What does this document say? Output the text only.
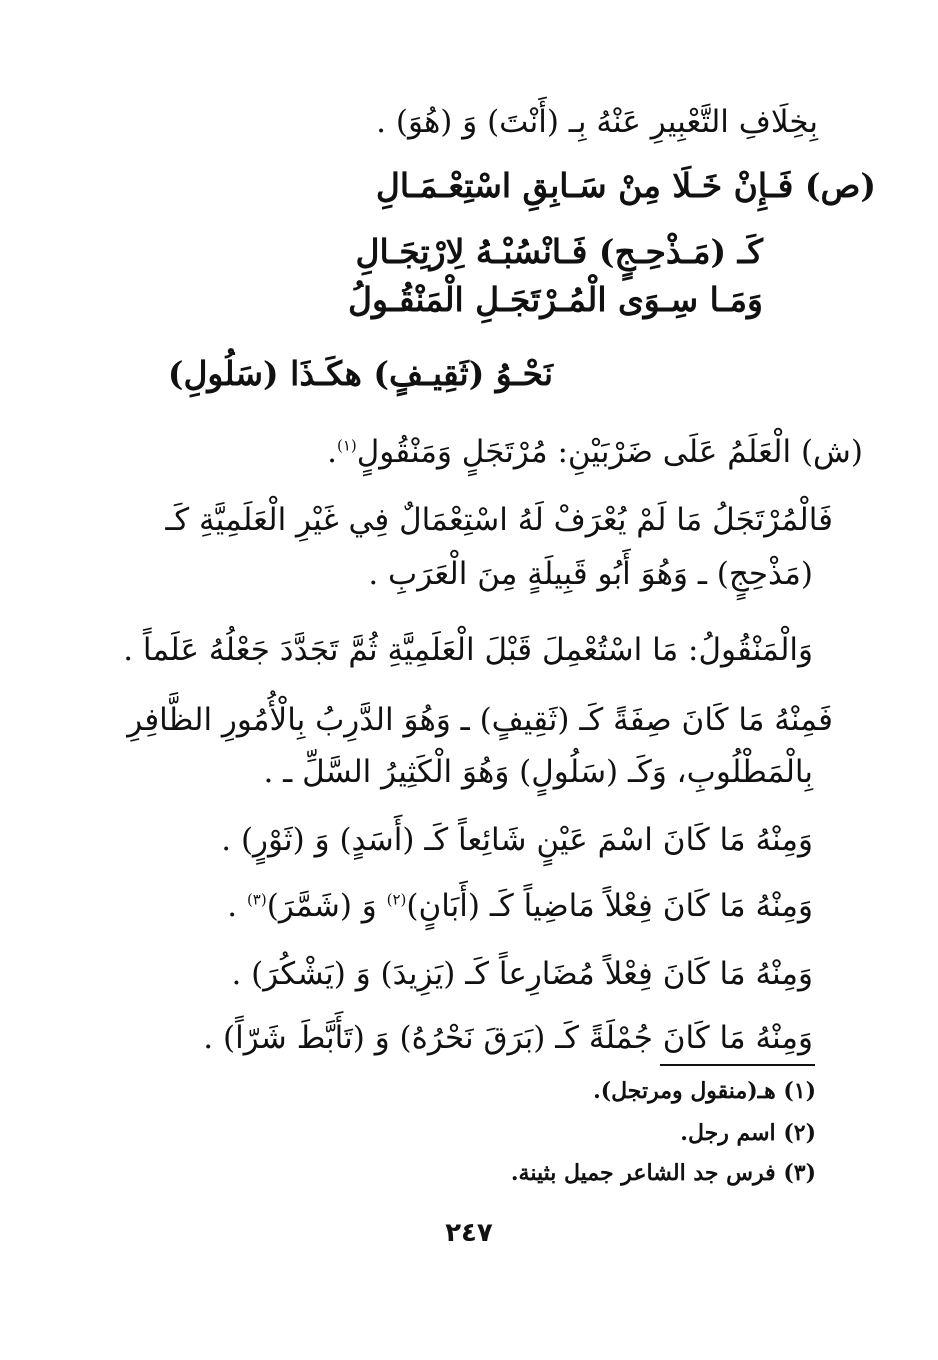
بِخِلَافِ التَّعْبِيرِ عَنْهُ بِـ (أَنْتَ) وَ (هُوَ) .
(ص) فَـإِنْ خَـلَا مِنْ سَـابِقِ اسْتِعْـمَـالِ
كَـ (مَـذْحِـجٍ) فَـانْسُبْـهُ لِارْتِجَـالِ
وَمَـا سِـوَى الْمُـرْتَجَـلِ الْمَنْقُـولُ
نَحْـوُ (ثَقِيـفٍ) هكَـذَا (سَلُولِ)
(ش) الْعَلَمُ عَلَى ضَرْبَيْنِ: مُرْتَجَلٍ وَمَنْقُولٍ$^{(١)}$.
فَالْمُرْتَجَلُ مَا لَمْ يُعْرَفْ لَهُ اسْتِعْمَالٌ فِي غَيْرِ الْعَلَمِيَّةِ كَـ
(مَذْحِجٍ) ـ وَهُوَ أَبُو قَبِيلَةٍ مِنَ الْعَرَبِ .
وَالْمَنْقُولُ: مَا اسْتُعْمِلَ قَبْلَ الْعَلَمِيَّةِ ثُمَّ تَجَدَّدَ جَعْلُهُ عَلَماً .
فَمِنْهُ مَا كَانَ صِفَةً كَـ (ثَقِيفٍ) ـ وَهُوَ الدَّرِبُ بِالْأُمُورِ الظَّافِرِ
بِالْمَطْلُوبِ، وَكَـ (سَلُولٍ) وَهُوَ الْكَثِيرُ السَّلِّ ـ .
وَمِنْهُ مَا كَانَ اسْمَ عَيْنٍ شَائِعاً كَـ (أَسَدٍ) وَ (ثَوْرٍ) .
وَمِنْهُ مَا كَانَ فِعْلاً مَاضِياً كَـ (أَبَانٍ)$^{(٢)}$ وَ (شَمَّرَ)$^{(٣)}$ .
وَمِنْهُ مَا كَانَ فِعْلاً مُضَارِعاً كَـ (يَزِيدَ) وَ (يَشْكُرَ) .
وَمِنْهُ مَا كَانَ جُمْلَةً كَـ (بَرَقَ نَحْرُهُ) وَ (تَأَبَّطَ شَرّاً) .
(١) هـ(منقول ومرتجل).
(٢) اسم رجل.
(٣) فرس جد الشاعر جميل بثينة.
٢٤٧
